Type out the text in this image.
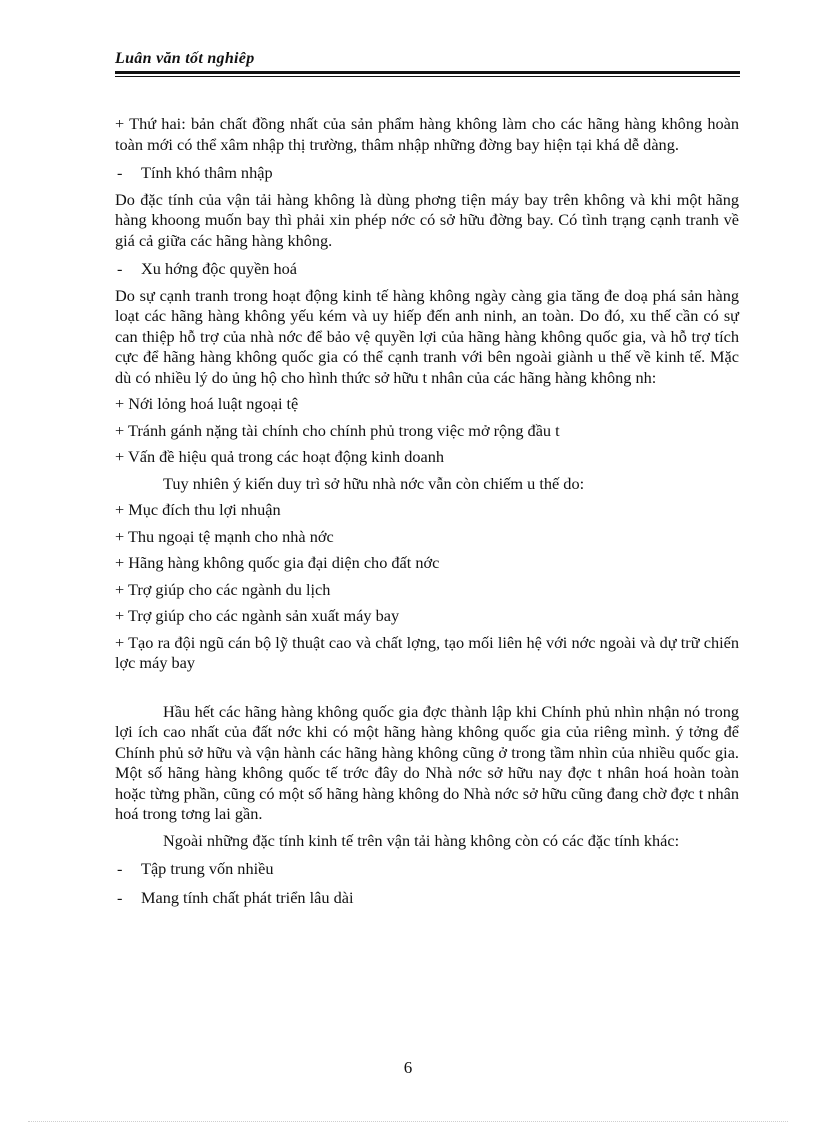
Luân văn tốt nghiêp

+ Thứ hai: bản chất đồng nhất của sản phẩm hàng không làm cho các hãng hàng không hoàn toàn mới có thể xâm nhập thị trường, thâm nhập những đờng bay hiện tại khá dễ dàng.

- Tính khó thâm nhập

Do đặc tính của vận tải hàng không là dùng phơng tiện máy bay trên không và khi một hãng hàng khoong muốn bay thì phải xin phép nớc có sở hữu đờng bay. Có tình trạng cạnh tranh về giá cả giữa các hãng hàng không.

- Xu hớng độc quyền hoá

Do sự cạnh tranh trong hoạt động kinh tế hàng không ngày càng gia tăng đe doạ phá sản hàng loạt các hãng hàng không yếu kém và uy hiếp đến anh ninh, an toàn. Do đó, xu thế cần có sự can thiệp hỗ trợ của nhà nớc để bảo vệ quyền lợi của hãng hàng không quốc gia, và hỗ trợ tích cực để hãng hàng không quốc gia có thể cạnh tranh với bên ngoài giành u thế về kinh tế. Mặc dù có nhiều lý do ủng hộ cho hình thức sở hữu t nhân của các hãng hàng không nh:

+ Nới lỏng hoá luật ngoại tệ

+ Tránh gánh nặng tài chính cho chính phủ trong việc mở rộng đầu t

+ Vấn đề hiệu quả trong các hoạt động kinh doanh

Tuy nhiên ý kiến duy trì sở hữu nhà nớc vẫn còn chiếm u thế do:

+ Mục đích thu lợi nhuận

+ Thu ngoại tệ mạnh cho nhà nớc

+ Hãng hàng không quốc gia đại diện cho đất nớc

+ Trợ giúp cho các ngành du lịch

+ Trợ giúp cho các ngành sản xuất máy bay

+ Tạo ra đội ngũ cán bộ lỹ thuật cao và chất lợng, tạo mối liên hệ với nớc ngoài và dự trữ chiến lợc máy bay

Hầu hết các hãng hàng không quốc gia đợc thành lập khi Chính phủ nhìn nhận nó trong lợi ích cao nhất của đất nớc khi có một hãng hàng không quốc gia của riêng mình. ý tởng để Chính phủ sở hữu và vận hành các hãng hàng không cũng ở trong tầm nhìn của nhiều quốc gia. Một số hãng hàng không quốc tế trớc đây do Nhà nớc sở hữu nay đợc t nhân hoá hoàn toàn hoặc từng phần, cũng có một số hãng hàng không do Nhà nớc sở hữu cũng đang chờ đợc t nhân hoá trong tơng lai gần.

Ngoài những đặc tính kinh tế trên vận tải hàng không còn có các đặc tính khác:

- Tập trung vốn nhiều

- Mang tính chất phát triển lâu dài

6
